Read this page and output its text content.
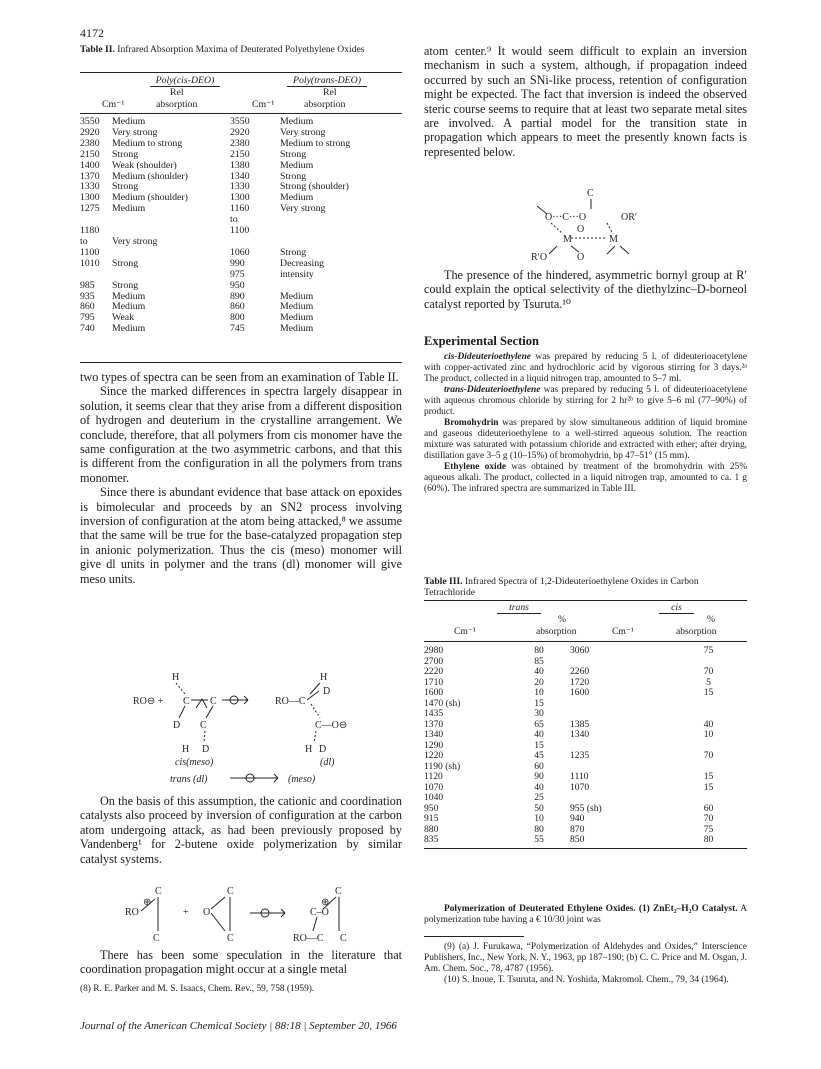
4172
Table II. Infrared Absorption Maxima of Deuterated Polyethylene Oxides
Poly(cis-DEO)	Poly(trans-DEO)
Rel	Rel
Cm⁻¹	absorption	Cm⁻¹	absorption
3550	Medium	3550	Medium
2920	Very strong	2920	Very strong
2380	Medium to strong	2380	Medium to strong
2150	Strong	2150	Strong
1400	Weak (shoulder)	1380	Medium
1370	Medium (shoulder)	1340	Strong
1330	Strong	1330	Strong (shoulder)
1300	Medium (shoulder)	1300	Medium
1275	Medium	1160	Very strong
		to	
1180		1100	
to	Very strong		
1100		1060	Strong
1010	Strong	990	Decreasing
		975	intensity
985	Strong	950	
935	Medium	890	Medium
860	Medium	860	Medium
795	Weak	800	Medium
740	Medium	745	Medium

two types of spectra can be seen from an examination of Table II.

Since the marked differences in spectra largely disappear in solution, it seems clear that they arise from a different disposition of hydrogen and deuterium in the crystalline arrangement. We conclude, therefore, that all polymers from cis monomer have the same configuration at the two asymmetric carbons, and that this is different from the configuration in all the polymers from trans monomer.

Since there is abundant evidence that base attack on epoxides is bimolecular and proceeds by an SN2 process involving inversion of configuration at the atom being attacked,⁸ we assume that the same will be true for the base-catalyzed propagation step in anionic polymerization. Thus the cis (meso) monomer will give dl units in polymer and the trans (dl) monomer will give meso units.

H
RO⊖ + C C
D C
H D
cis(meso)
trans (dl)
H
RO—C
D
C—O⊖
H D
(dl)
(meso)

On the basis of this assumption, the cationic and coordination catalysts also proceed by inversion of configuration at the carbon atom undergoing attack, as had been previously proposed by Vandenberg¹ for 2-butene oxide polymerization by similar catalyst systems.

C
⊕
RO
C
+ O
C
C
C
⊕
C–O
RO—C C

There has been some speculation in the literature that coordination propagation might occur at a single metal

(8) R. E. Parker and M. S. Isaacs, Chem. Rev., 59, 758 (1959).

atom center.⁹ It would seem difficult to explain an inversion mechanism in such a system, although, if propagation indeed occurred by such an SNi-like process, retention of configuration might be expected. The fact that inversion is indeed the observed steric course seems to require that at least two separate metal sites are involved. A partial model for the transition state in propagation which appears to meet the presently known facts is represented below.

C
O···C···O	OR′
O
M	M
R′O	O

The presence of the hindered, asymmetric bornyl group at R′ could explain the optical selectivity of the diethylzinc–D-borneol catalyst reported by Tsuruta.¹⁰

Experimental Section

cis-Dideuterioethylene was prepared by reducing 5 l. of dideuterioacetylene with copper-activated zinc and hydrochloric acid by vigorous stirring for 3 days.²ᵃ The product, collected in a liquid nitrogen trap, amounted to 5–7 ml.

trans-Dideuterioethylene was prepared by reducing 5 l. of dideuterioacetylene with aqueous chromous chloride by stirring for 2 hr²ᵇ to give 5–6 ml (77–90%) of product.

Bromohydrin was prepared by slow simultaneous addition of liquid bromine and gaseous dideuterioethylene to a well-stirred aqueous solution. The reaction mixture was saturated with potassium chloride and extracted with ether; after drying, distillation gave 3–5 g (10–15%) of bromohydrin, bp 47–51° (15 mm).

Ethylene oxide was obtained by treatment of the bromohydrin with 25% aqueous alkali. The product, collected in a liquid nitrogen trap, amounted to ca. 1 g (60%). The infrared spectra are summarized in Table III.

Table III. Infrared Spectra of 1,2-Dideuterioethylene Oxides in Carbon Tetrachloride
trans	cis
%	%
Cm⁻¹	absorption	Cm⁻¹	absorption
2980	80	3060	75
2700	85		
2220	40	2260	70
1710	20	1720	5
1600	10	1600	15
1470 (sh)	15		
1435	30		
1370	65	1385	40
1340	40	1340	10
1290	15		
1220	45	1235	70
1190 (sh)	60		
1120	90	1110	15
1070	40	1070	15
1040	25		
950	50	955 (sh)	60
915	10	940	70
880	80	870	75
835	55	850	80

Polymerization of Deuterated Ethylene Oxides. (1) ZnEt₂–H₂O Catalyst. A polymerization tube having a € 10/30 joint was

(9) (a) J. Furukawa, “Polymerization of Aldehydes and Oxides,” Interscience Publishers, Inc., New York, N. Y., 1963, pp 187–190; (b) C. C. Price and M. Osgan, J. Am. Chem. Soc., 78, 4787 (1956).

(10) S. Inoue, T. Tsuruta, and N. Yoshida, Makromol. Chem., 79, 34 (1964).

Journal of the American Chemical Society | 88:18 | September 20, 1966
